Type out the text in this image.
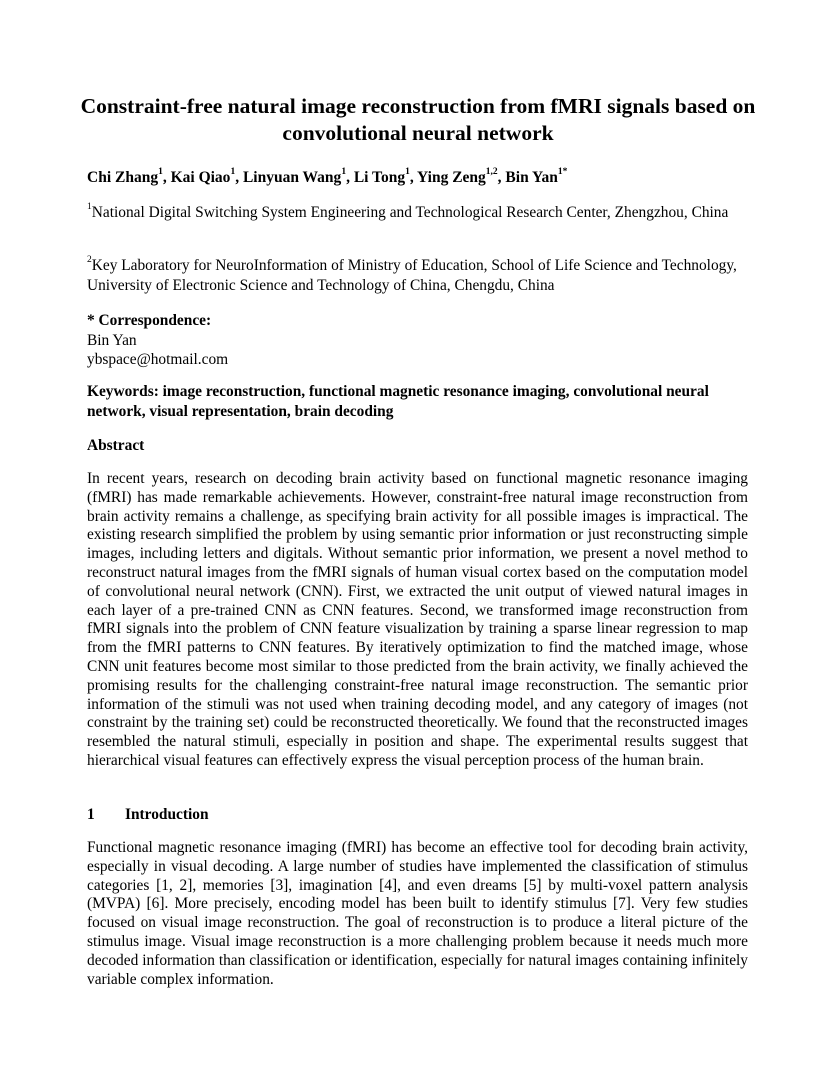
Constraint-free natural image reconstruction from fMRI signals based on convolutional neural network
Chi Zhang$^1$, Kai Qiao$^1$, Linyuan Wang$^1$, Li Tong$^1$, Ying Zeng$^{1,2}$, Bin Yan$^{1*}$
$^1$National Digital Switching System Engineering and Technological Research Center, Zhengzhou, China
$^2$Key Laboratory for NeuroInformation of Ministry of Education, School of Life Science and Technology, University of Electronic Science and Technology of China, Chengdu, China
* Correspondence:
Bin Yan
ybspace@hotmail.com
Keywords: image reconstruction, functional magnetic resonance imaging, convolutional neural network, visual representation, brain decoding
Abstract
In recent years, research on decoding brain activity based on functional magnetic resonance imaging (fMRI) has made remarkable achievements. However, constraint-free natural image reconstruction from brain activity remains a challenge, as specifying brain activity for all possible images is impractical. The existing research simplified the problem by using semantic prior information or just reconstructing simple images, including letters and digitals. Without semantic prior information, we present a novel method to reconstruct natural images from the fMRI signals of human visual cortex based on the computation model of convolutional neural network (CNN). First, we extracted the unit output of viewed natural images in each layer of a pre-trained CNN as CNN features. Second, we transformed image reconstruction from fMRI signals into the problem of CNN feature visualization by training a sparse linear regression to map from the fMRI patterns to CNN features. By iteratively optimization to find the matched image, whose CNN unit features become most similar to those predicted from the brain activity, we finally achieved the promising results for the challenging constraint-free natural image reconstruction. The semantic prior information of the stimuli was not used when training decoding model, and any category of images (not constraint by the training set) could be reconstructed theoretically. We found that the reconstructed images resembled the natural stimuli, especially in position and shape. The experimental results suggest that hierarchical visual features can effectively express the visual perception process of the human brain.
1 Introduction
Functional magnetic resonance imaging (fMRI) has become an effective tool for decoding brain activity, especially in visual decoding. A large number of studies have implemented the classification of stimulus categories [1, 2], memories [3], imagination [4], and even dreams [5] by multi-voxel pattern analysis (MVPA) [6]. More precisely, encoding model has been built to identify stimulus [7]. Very few studies focused on visual image reconstruction. The goal of reconstruction is to produce a literal picture of the stimulus image. Visual image reconstruction is a more challenging problem because it needs much more decoded information than classification or identification, especially for natural images containing infinitely variable complex information.
